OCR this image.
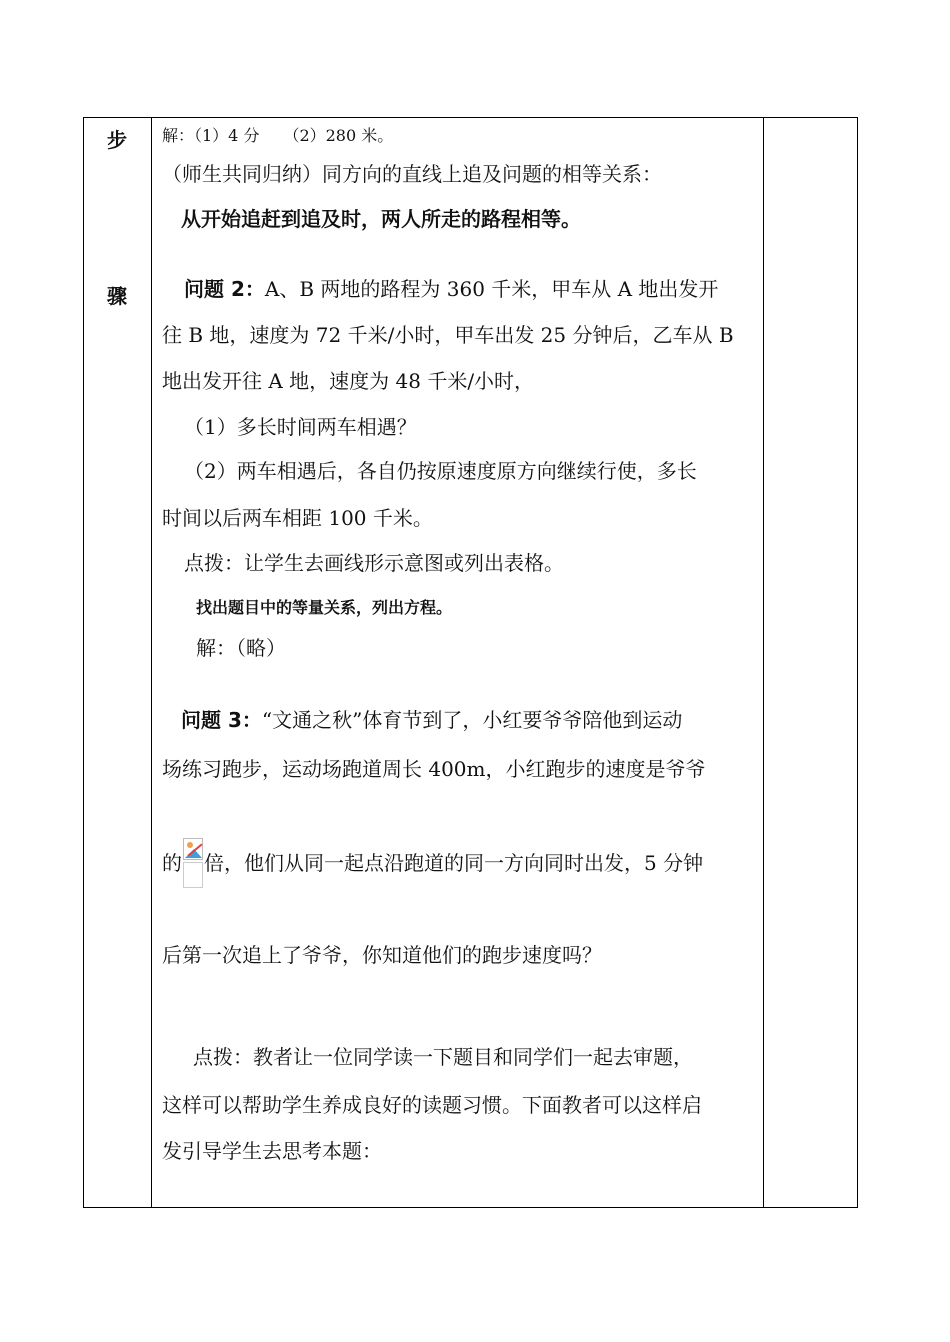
步
骤
解：（1）4 分　　（2）280 米。
（师生共同归纳）同方向的直线上追及问题的相等关系：
从开始追赶到追及时，两人所走的路程相等。
问题 2：A、B 两地的路程为 360 千米，甲车从 A 地出发开
往 B 地，速度为 72 千米/小时，甲车出发 25 分钟后，乙车从 B
地出发开往 A 地，速度为 48 千米/小时，
（1）多长时间两车相遇？
（2）两车相遇后，各自仍按原速度原方向继续行使，多长
时间以后两车相距 100 千米。
点拨：让学生去画线形示意图或列出表格。
找出题目中的等量关系，列出方程。
解：（略）
问题 3：“文通之秋”体育节到了，小红要爷爷陪他到运动
场练习跑步，运动场跑道周长 400m，小红跑步的速度是爷爷
的 倍，他们从同一起点沿跑道的同一方向同时出发，5 分钟
后第一次追上了爷爷，你知道他们的跑步速度吗？
点拨：教者让一位同学读一下题目和同学们一起去审题，
这样可以帮助学生养成良好的读题习惯。下面教者可以这样启
发引导学生去思考本题：
